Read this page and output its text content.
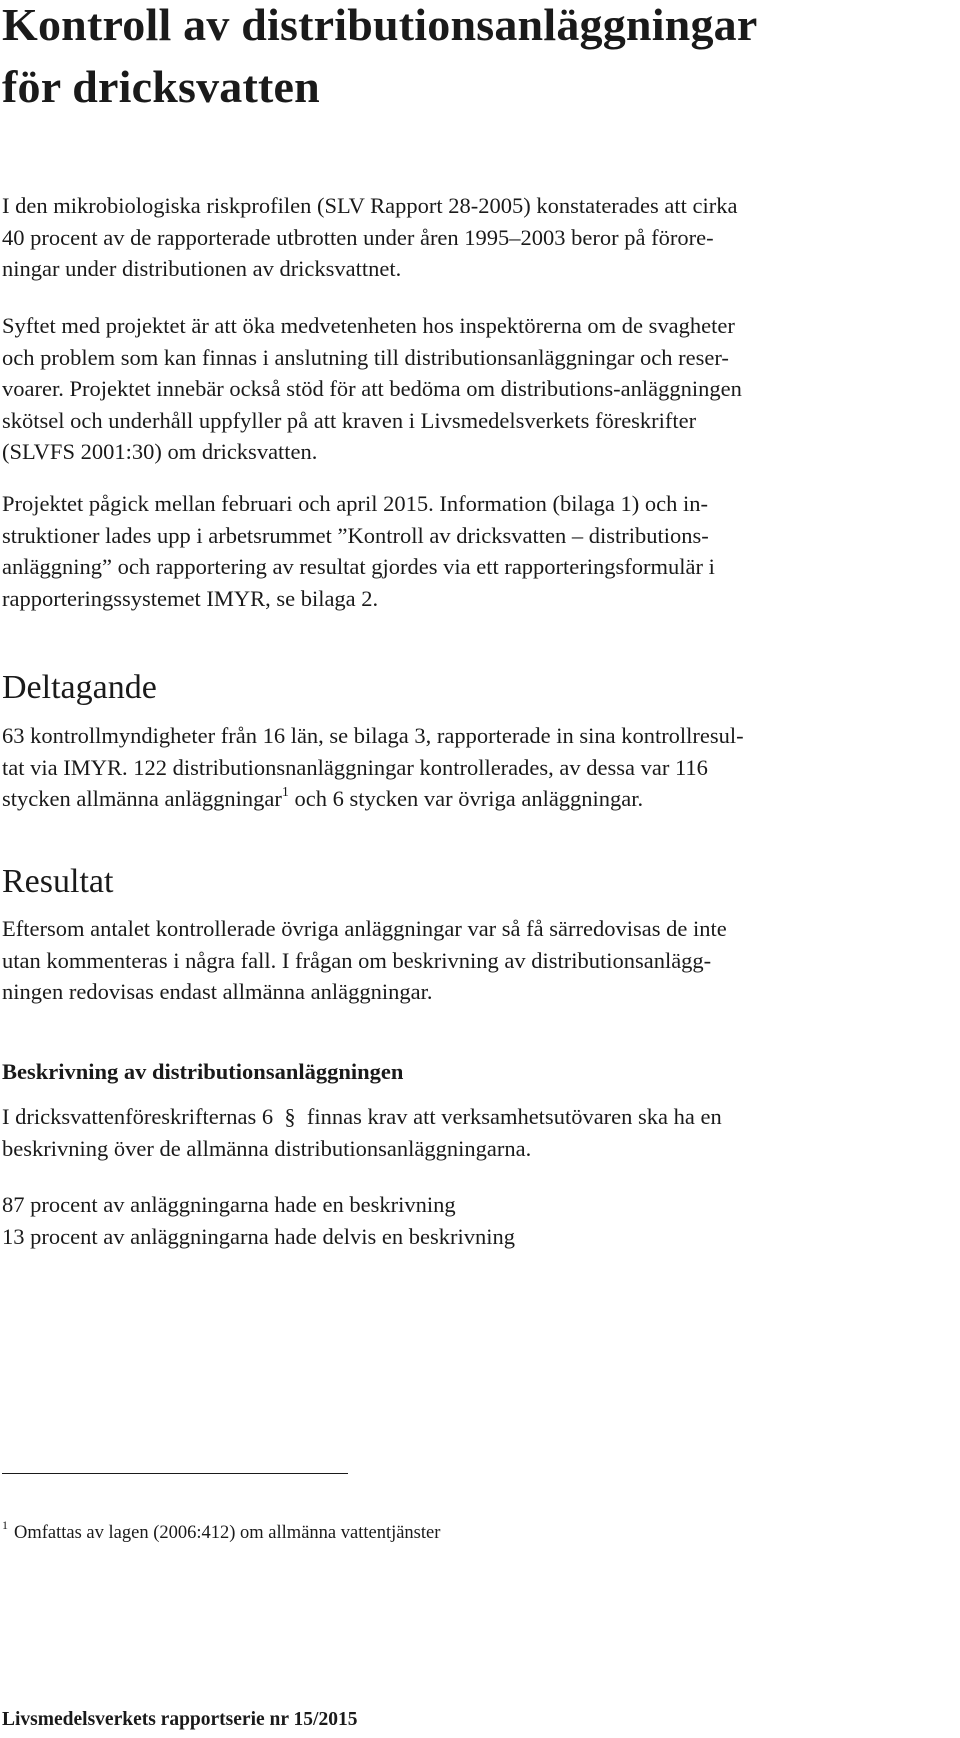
Kontroll av distributionsanläggningar
för dricksvatten

I den mikrobiologiska riskprofilen (SLV Rapport 28-2005) konstaterades att cirka
40 procent av de rapporterade utbrotten under åren 1995–2003 beror på förore-
ningar under distributionen av dricksvattnet.

Syftet med projektet är att öka medvetenheten hos inspektörerna om de svagheter
och problem som kan finnas i anslutning till distributionsanläggningar och reser-
voarer. Projektet innebär också stöd för att bedöma om distributions-anläggningen
skötsel och underhåll uppfyller på att kraven i Livsmedelsverkets föreskrifter
(SLVFS 2001:30) om dricksvatten.

Projektet pågick mellan februari och april 2015. Information (bilaga 1) och in-
struktioner lades upp i arbetsrummet ”Kontroll av dricksvatten – distributions-
anläggning” och rapportering av resultat gjordes via ett rapporteringsformulär i
rapporteringssystemet IMYR, se bilaga 2.

Deltagande

63 kontrollmyndigheter från 16 län, se bilaga 3, rapporterade in sina kontrollresul-
tat via IMYR. 122 distributionsnanläggningar kontrollerades, av dessa var 116
stycken allmänna anläggningar$^1$ och 6 stycken var övriga anläggningar.

Resultat

Eftersom antalet kontrollerade övriga anläggningar var så få särredovisas de inte
utan kommenteras i några fall. I frågan om beskrivning av distributionsanlägg-
ningen redovisas endast allmänna anläggningar.

Beskrivning av distributionsanläggningen

I dricksvattenföreskrifternas 6  §  finnas krav att verksamhetsutövaren ska ha en
beskrivning över de allmänna distributionsanläggningarna.

87 procent av anläggningarna hade en beskrivning
13 procent av anläggningarna hade delvis en beskrivning

$^1$ Omfattas av lagen (2006:412) om allmänna vattentjänster

Livsmedelsverkets rapportserie nr 15/2015
